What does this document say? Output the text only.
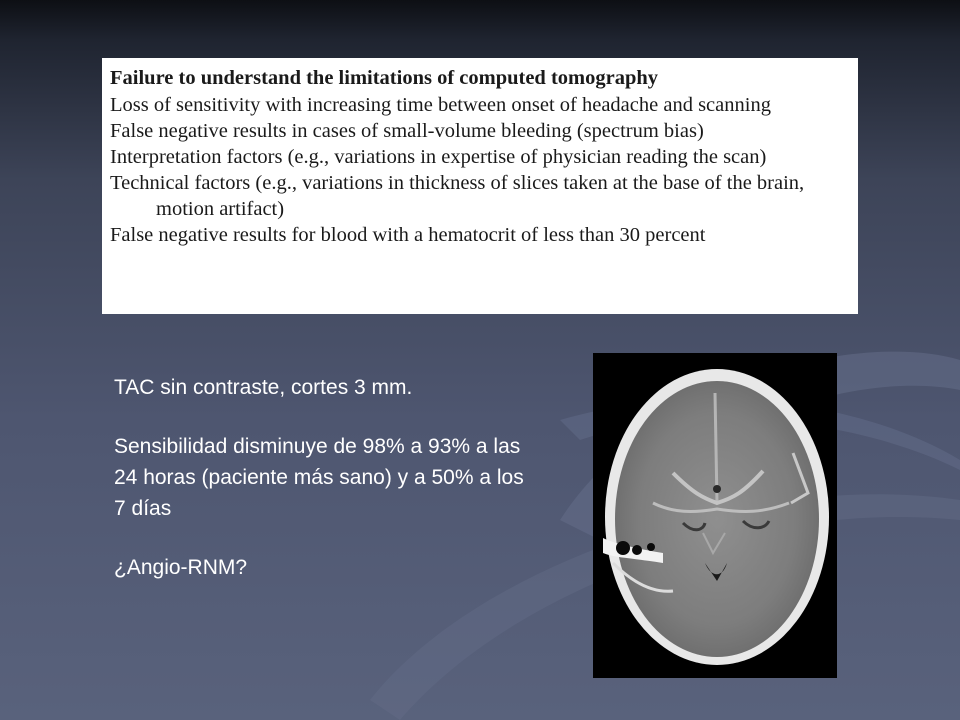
Failure to understand the limitations of computed tomography

Loss of sensitivity with increasing time between onset of headache and scanning

False negative results in cases of small-volume bleeding (spectrum bias)

Interpretation factors (e.g., variations in expertise of physician reading the scan)

Technical factors (e.g., variations in thickness of slices taken at the base of the brain, motion artifact)

False negative results for blood with a hematocrit of less than 30 percent

TAC sin contraste, cortes 3 mm.

Sensibilidad disminuye de 98% a 93% a las 24 horas (paciente más sano) y a 50% a los 7 días

¿Angio-RNM?
